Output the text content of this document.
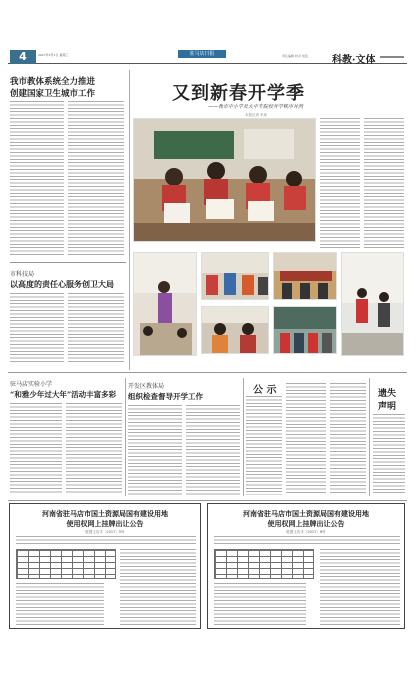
4	2017年3月1日 星期三	驻马店日报	责任编辑 校对 电话	科教·文体
我市教体系统全力推进
创建国家卫生城市工作	又到新春开学季
——我市中小学及大中专院校开学秩序井然
本报记者 朱伟
市科技局
以高度的责任心服务创卫大局
驻马店实验小学
“和雅少年过大年”活动丰富多彩
开发区教体局
组织检查督导开学工作
公 示	遗失
声明
河南省驻马店市国土资源局国有建设用地
使用权网上挂牌出让公告
驻国土告字〔2017〕5号
河南省驻马店市国土资源局国有建设用地
使用权网上挂牌出让公告
驻国土告字〔2017〕6号
